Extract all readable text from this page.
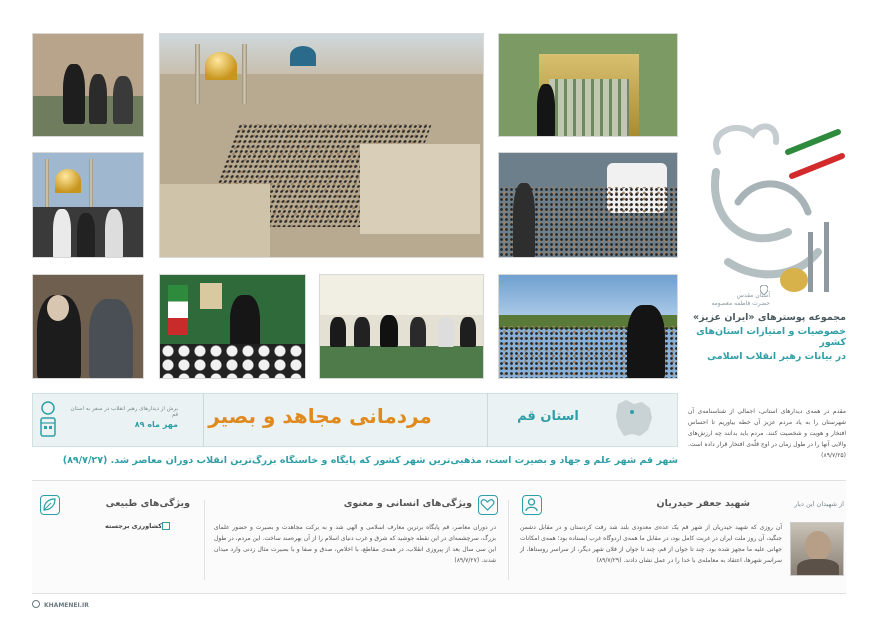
آستان مقدس
حضرت فاطمه معصومه
مجموعه پوسترهای «ایران عزیز»
خصوصیات و امتیازات استان‌های کشور
در بیانات رهبر انقلاب اسلامی
مقدم در همه‌ی دیدارهای استانی، اجمالی از شناسنامه‌ی آن شهرستان را به یاد مردم عزیز آن خطه بیاوریم تا احساس افتخار و هویت و شخصیت کنند. مردم باید بدانند چه ارزش‌های والایی آنها را در طول زمان در اوج قلّه‌ی افتخار قرار داده است. (۸۹/۷/۲۵)
برش از دیدارهای رهبر انقلاب در سفر به استان قم
مهر ماه ۸۹	مردمانی مجاهد و بصیر	استان قم
شهر قم شهر علم و جهاد و بصیرت است، مذهبی‌ترین شهر کشور که پایگاه و خاستگاه بزرگ‌ترین انقلاب دوران معاصر شد. (۸۹/۷/۲۷)
از شهیدان این دیار
شهید جعفر حیدریان
آن روزی که شهید حیدریان از شهر قم یک عده‌ی معدودی بلند شد رفت کردستان و در مقابل دشمن جنگید، آن روز ملت ایران در غربت کامل بود، در مقابل ما همه‌ی اردوگاه غرب ایستاده بود؛ همه‌ی امکانات جهانی علیه ما مجهز شده بود. چند تا جوان از قم، چند تا جوان از فلان شهر دیگر، از سراسر روستاها، از سراسر شهرها، اعتقاد به معامله‌ی با خدا را در عمل نشان دادند. (۸۹/۷/۲۹)
ویژگی‌های انسانی و معنوی
در دوران معاصر، قم پایگاه برترین معارف اسلامی و الهی شد و به برکت مجاهدت و بصیرت و حضور علمای بزرگ، سرچشمه‌ای در این نقطه جوشید که شرق و غرب دنیای اسلام را از آن بهره‌مند ساخت. این مردم، در طول این سی سال بعد از پیروزی انقلاب، در همه‌ی مقاطع، با اخلاص، صدق و صفا و با بصیرت مثال زدنی وارد میدان شدند. (۸۹/۷/۲۷)
ویژگی‌های طبیعی
کشاورزی برجسته
KHAMENEI.IR
